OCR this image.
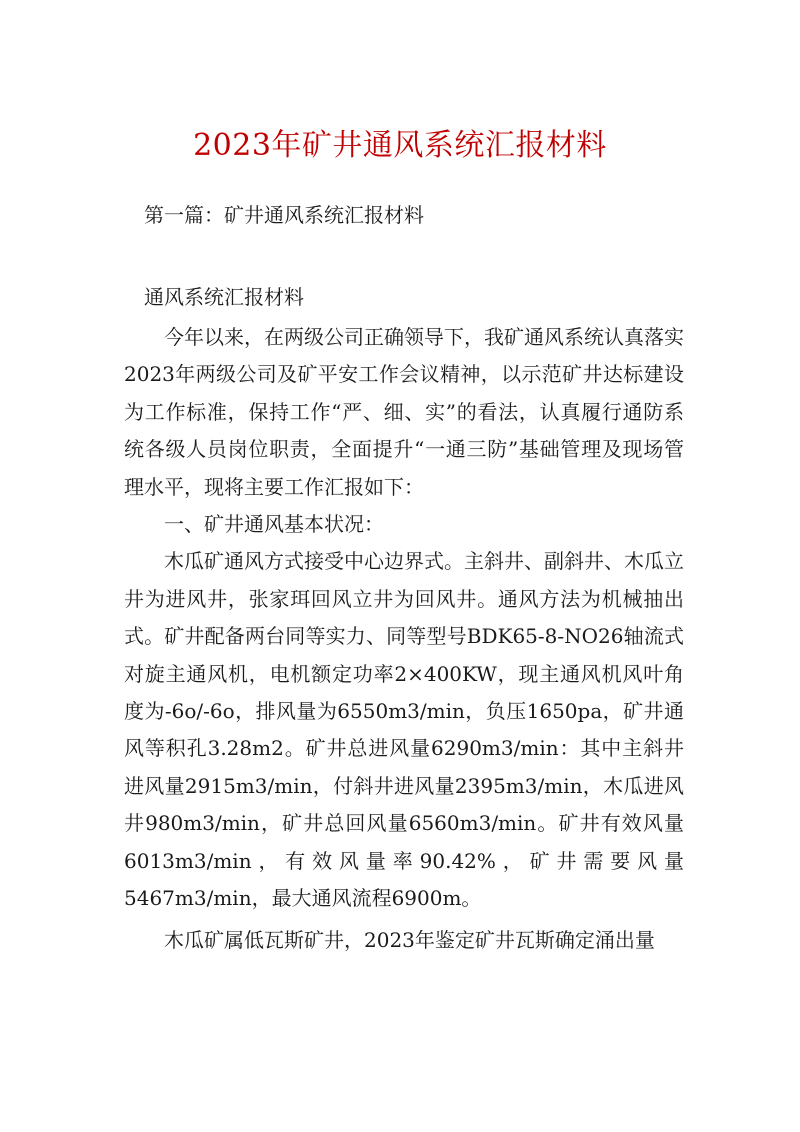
2023年矿井通风系统汇报材料
第一篇：矿井通风系统汇报材料
通风系统汇报材料

今年以来，在两级公司正确领导下，我矿通风系统认真落实2023年两级公司及矿平安工作会议精神，以示范矿井达标建设为工作标准，保持工作“严、细、实”的看法，认真履行通防系统各级人员岗位职责，全面提升“一通三防”基础管理及现场管理水平，现将主要工作汇报如下：

一、矿井通风基本状况：

木瓜矿通风方式接受中心边界式。主斜井、副斜井、木瓜立井为进风井，张家珥回风立井为回风井。通风方法为机械抽出式。矿井配备两台同等实力、同等型号BDK65-8-NO26轴流式对旋主通风机，电机额定功率2×400KW，现主通风机风叶角度为-6ο/-6ο，排风量为6550m3/min，负压1650pa，矿井通风等积孔3.28m2。矿井总进风量6290m3/min：其中主斜井进风量2915m3/min，付斜井进风量2395m3/min，木瓜进风井980m3/min，矿井总回风量6560m3/min。矿井有效风量6013m3/min，有效风量率90.42%，矿井需要风量5467m3/min，最大通风流程6900m。

木瓜矿属低瓦斯矿井，2023年鉴定矿井瓦斯确定涌出量
